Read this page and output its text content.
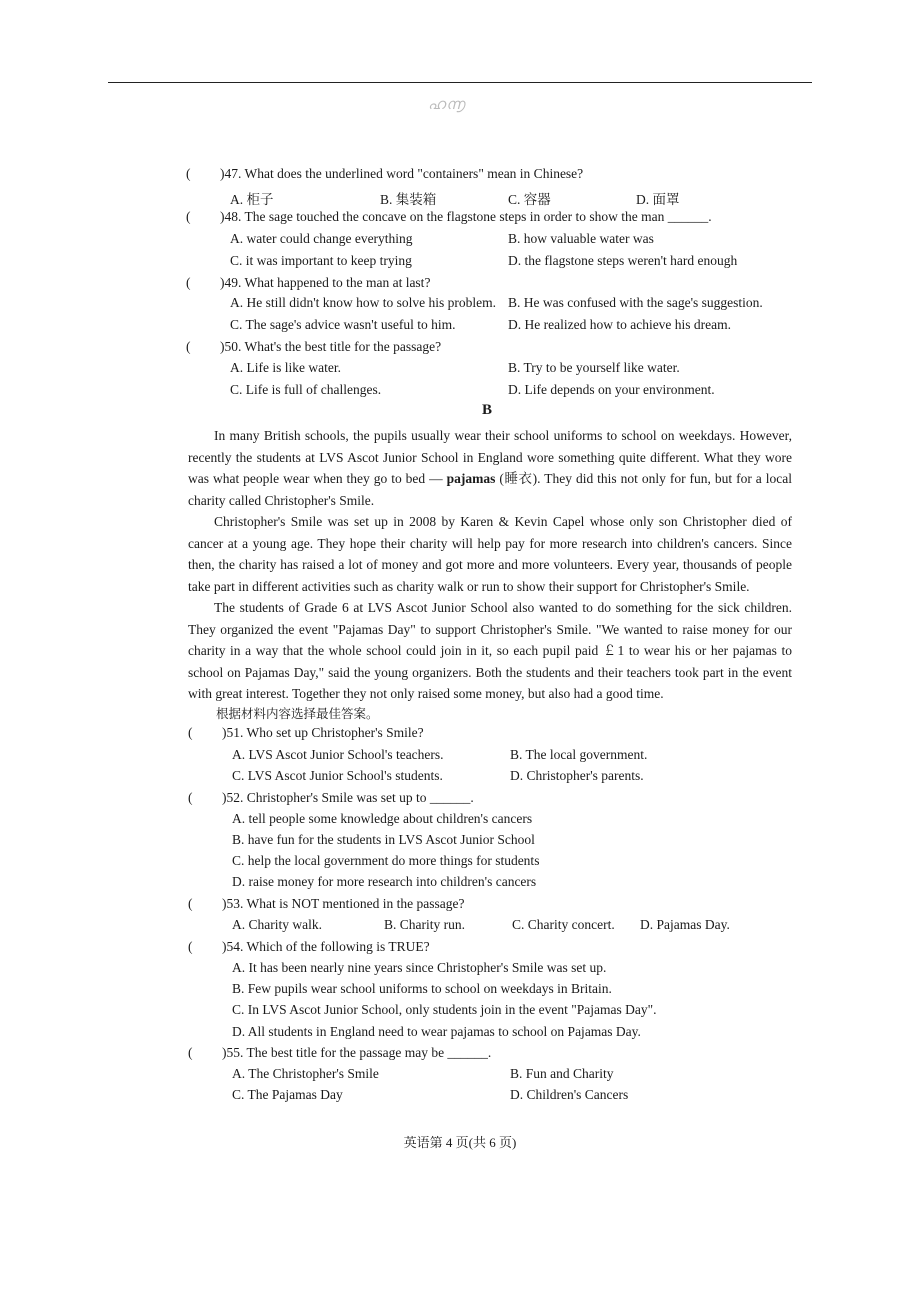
ഹ൬
( )47. What does the underlined word "containers" mean in Chinese?
A. 柜子	B. 集装箱	C. 容器	D. 面罩
( )48. The sage touched the concave on the flagstone steps in order to show the man ______.
A. water could change everything	B. how valuable water was
C. it was important to keep trying	D. the flagstone steps weren't hard enough
( )49. What happened to the man at last?
A. He still didn't know how to solve his problem. B. He was confused with the sage's suggestion.
C. The sage's advice wasn't useful to him.	D. He realized how to achieve his dream.
( )50. What's the best title for the passage?
A. Life is like water.	B. Try to be yourself like water.
C. Life is full of challenges.	D. Life depends on your environment.
B
In many British schools, the pupils usually wear their school uniforms to school on weekdays. However, recently the students at LVS Ascot Junior School in England wore something quite different. What they wore was what people wear when they go to bed — pajamas (睡衣). They did this not only for fun, but for a local charity called Christopher's Smile.
Christopher's Smile was set up in 2008 by Karen & Kevin Capel whose only son Christopher died of cancer at a young age. They hope their charity will help pay for more research into children's cancers. Since then, the charity has raised a lot of money and got more and more volunteers. Every year, thousands of people take part in different activities such as charity walk or run to show their support for Christopher's Smile.
The students of Grade 6 at LVS Ascot Junior School also wanted to do something for the sick children. They organized the event "Pajamas Day" to support Christopher's Smile. "We wanted to raise money for our charity in a way that the whole school could join in it, so each pupil paid ￡1 to wear his or her pajamas to school on Pajamas Day," said the young organizers. Both the students and their teachers took part in the event with great interest. Together they not only raised some money, but also had a good time.
根据材料内容选择最佳答案。
( )51. Who set up Christopher's Smile?
A. LVS Ascot Junior School's teachers.	B. The local government.
C. LVS Ascot Junior School's students.	D. Christopher's parents.
( )52. Christopher's Smile was set up to ______.
A. tell people some knowledge about children's cancers
B. have fun for the students in LVS Ascot Junior School
C. help the local government do more things for students
D. raise money for more research into children's cancers
( )53. What is NOT mentioned in the passage?
A. Charity walk.	B. Charity run.	C. Charity concert. D. Pajamas Day.
( )54. Which of the following is TRUE?
A. It has been nearly nine years since Christopher's Smile was set up.
B. Few pupils wear school uniforms to school on weekdays in Britain.
C. In LVS Ascot Junior School, only students join in the event "Pajamas Day".
D. All students in England need to wear pajamas to school on Pajamas Day.
( )55. The best title for the passage may be ______.
A. The Christopher's Smile	B. Fun and Charity
C. The Pajamas Day	D. Children's Cancers
英语第 4 页(共 6 页)
